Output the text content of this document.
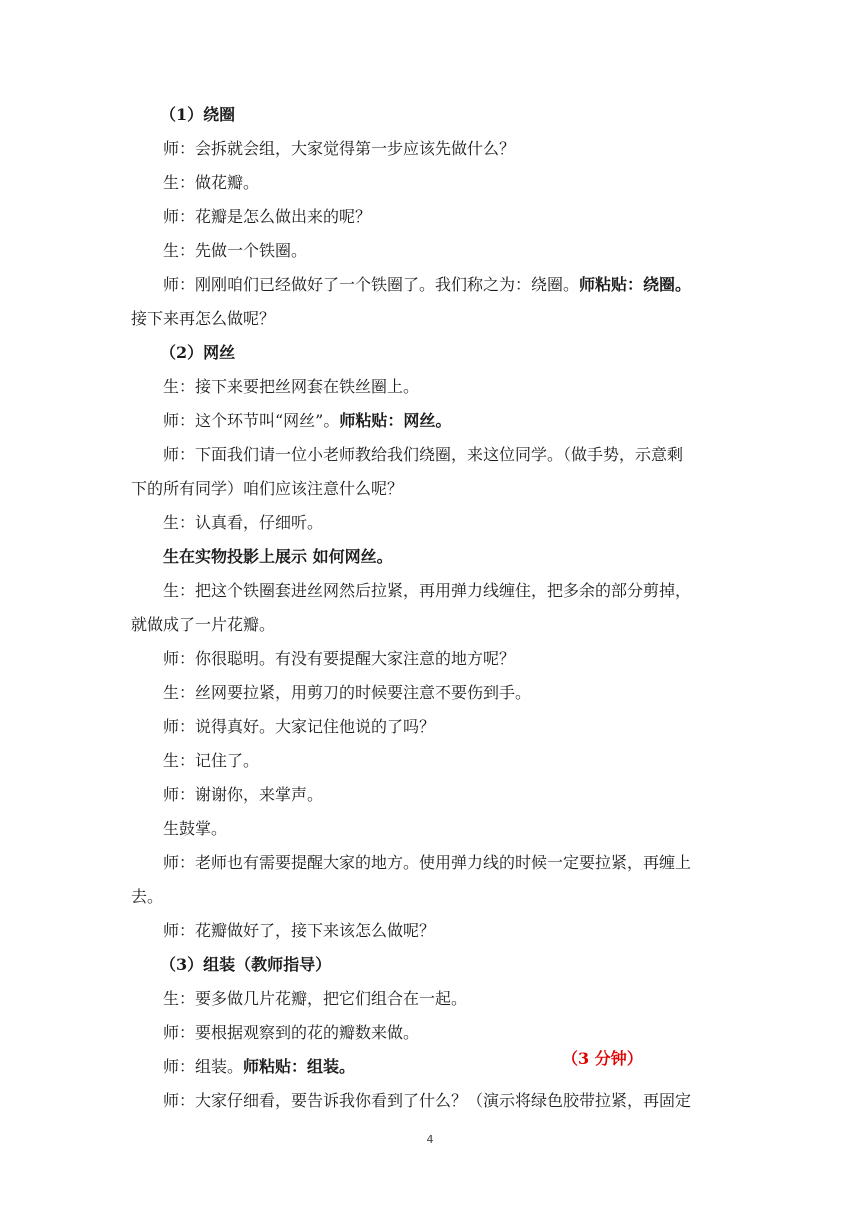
（1）绕圈
师：会拆就会组，大家觉得第一步应该先做什么？
生：做花瓣。
师：花瓣是怎么做出来的呢？
生：先做一个铁圈。
师：刚刚咱们已经做好了一个铁圈了。我们称之为：绕圈。师粘贴：绕圈。
接下来再怎么做呢？
（2）网丝
生：接下来要把丝网套在铁丝圈上。
师：这个环节叫“网丝”。师粘贴：网丝。
师：下面我们请一位小老师教给我们绕圈，来这位同学。（做手势，示意剩
下的所有同学）咱们应该注意什么呢？
生：认真看，仔细听。
生在实物投影上展示 如何网丝。
生：把这个铁圈套进丝网然后拉紧，再用弹力线缠住，把多余的部分剪掉，
就做成了一片花瓣。
师：你很聪明。有没有要提醒大家注意的地方呢？
生：丝网要拉紧，用剪刀的时候要注意不要伤到手。
师：说得真好。大家记住他说的了吗？
生：记住了。
师：谢谢你，来掌声。
生鼓掌。
师：老师也有需要提醒大家的地方。使用弹力线的时候一定要拉紧，再缠上
去。
师：花瓣做好了，接下来该怎么做呢？
（3）组装（教师指导）
生：要多做几片花瓣，把它们组合在一起。
师：要根据观察到的花的瓣数来做。
师：组装。师粘贴：组装。	（3 分钟）
师：大家仔细看，要告诉我你看到了什么？（演示将绿色胶带拉紧，再固定
4
